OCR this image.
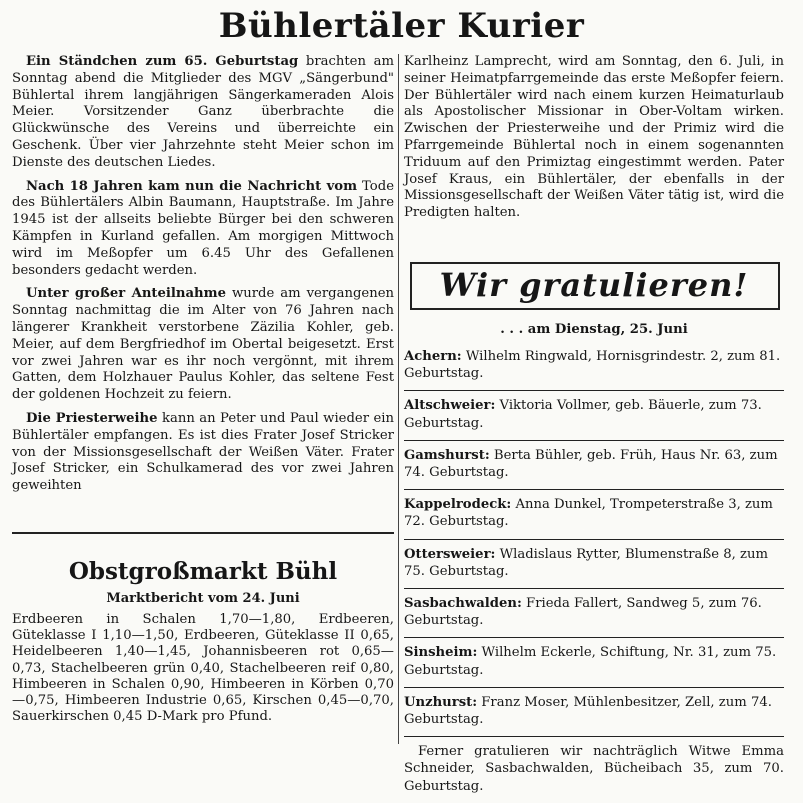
Bühlertäler Kurier

Ein Ständchen zum 65. Geburtstag brachten am Sonntag abend die Mitglieder des MGV „Sängerbund" Bühlertal ihrem langjährigen Sängerkameraden Alois Meier. Vorsitzender Ganz überbrachte die Glückwünsche des Vereins und überreichte ein Geschenk. Über vier Jahrzehnte steht Meier schon im Dienste des deutschen Liedes.

Nach 18 Jahren kam nun die Nachricht vom Tode des Bühlertälers Albin Baumann, Hauptstraße. Im Jahre 1945 ist der allseits beliebte Bürger bei den schweren Kämpfen in Kurland gefallen. Am morgigen Mittwoch wird im Meßopfer um 6.45 Uhr des Gefallenen besonders gedacht werden.

Unter großer Anteilnahme wurde am vergangenen Sonntag nachmittag die im Alter von 76 Jahren nach längerer Krankheit verstorbene Zäzilia Kohler, geb. Meier, auf dem Bergfriedhof im Obertal beigesetzt. Erst vor zwei Jahren war es ihr noch vergönnt, mit ihrem Gatten, dem Holzhauer Paulus Kohler, das seltene Fest der goldenen Hochzeit zu feiern.

Die Priesterweihe kann an Peter und Paul wieder ein Bühlertäler empfangen. Es ist dies Frater Josef Stricker von der Missionsgesellschaft der Weißen Väter. Frater Josef Stricker, ein Schulkamerad des vor zwei Jahren geweihten

Obstgroßmarkt Bühl
Marktbericht vom 24. Juni
Erdbeeren in Schalen 1,70—1,80, Erdbeeren, Güteklasse I 1,10—1,50, Erdbeeren, Güteklasse II 0,65, Heidelbeeren 1,40—1,45, Johannisbeeren rot 0,65—0,73, Stachelbeeren grün 0,40, Stachelbeeren reif 0,80, Himbeeren in Schalen 0,90, Himbeeren in Körben 0,70—0,75, Himbeeren Industrie 0,65, Kirschen 0,45—0,70, Sauerkirschen 0,45 D-Mark pro Pfund.

Karlheinz Lamprecht, wird am Sonntag, den 6. Juli, in seiner Heimatpfarrgemeinde das erste Meßopfer feiern. Der Bühlertäler wird nach einem kurzen Heimaturlaub als Apostolischer Missionar in Ober-Voltam wirken. Zwischen der Priesterweihe und der Primiz wird die Pfarrgemeinde Bühlertal noch in einem sogenannten Triduum auf den Primiztag eingestimmt werden. Pater Josef Kraus, ein Bühlertäler, der ebenfalls in der Missionsgesellschaft der Weißen Väter tätig ist, wird die Predigten halten.

Wir gratulieren!
. . . am Dienstag, 25. Juni
Achern: Wilhelm Ringwald, Hornisgrindestr. 2, zum 81. Geburtstag.
Altschweier: Viktoria Vollmer, geb. Bäuerle, zum 73. Geburtstag.
Gamshurst: Berta Bühler, geb. Früh, Haus Nr. 63, zum 74. Geburtstag.
Kappelrodeck: Anna Dunkel, Trompeterstraße 3, zum 72. Geburtstag.
Ottersweier: Wladislaus Rytter, Blumenstraße 8, zum 75. Geburtstag.
Sasbachwalden: Frieda Fallert, Sandweg 5, zum 76. Geburtstag.
Sinsheim: Wilhelm Eckerle, Schiftung, Nr. 31, zum 75. Geburtstag.
Unzhurst: Franz Moser, Mühlenbesitzer, Zell, zum 74. Geburtstag.
Ferner gratulieren wir nachträglich Witwe Emma Schneider, Sasbachwalden, Bücheibach 35, zum 70. Geburtstag.
